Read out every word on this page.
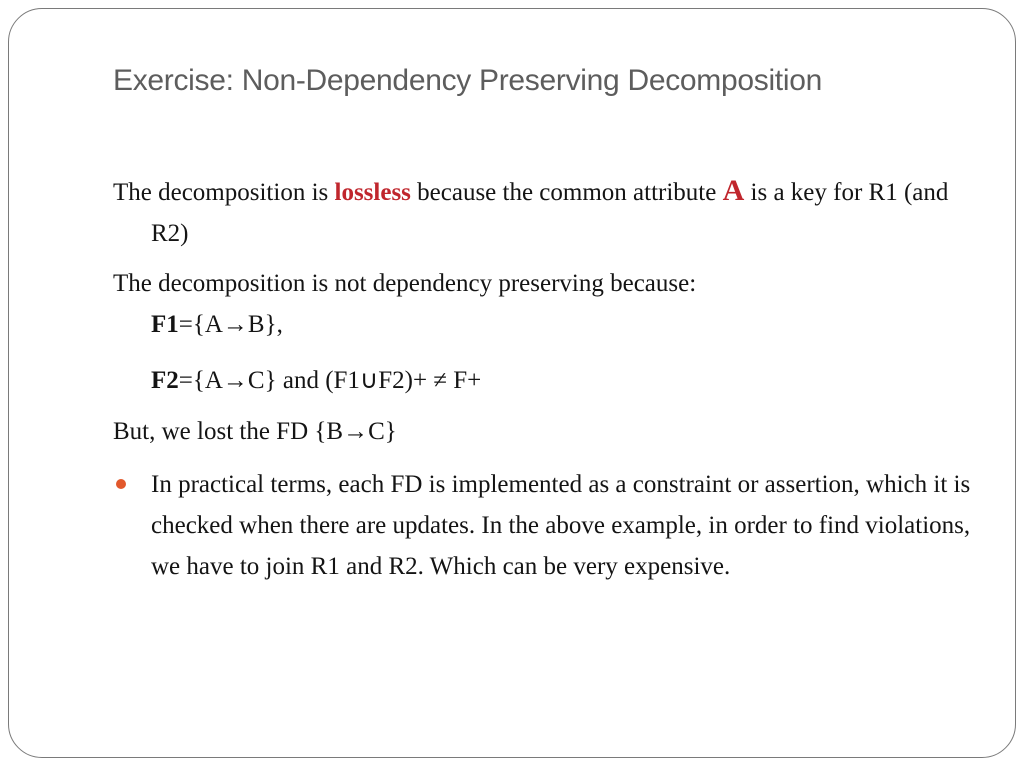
Exercise: Non-Dependency Preserving Decomposition

The decomposition is lossless because the common attribute A is a key for R1 (and R2)

The decomposition is not dependency preserving because:

F1={A→B},

F2={A→C} and (F1∪F2)+ ≠ F+

But, we lost the FD {B→C}

In practical terms, each FD is implemented as a constraint or assertion, which it is checked when there are updates. In the above example, in order to find violations, we have to join R1 and R2. Which can be very expensive.
